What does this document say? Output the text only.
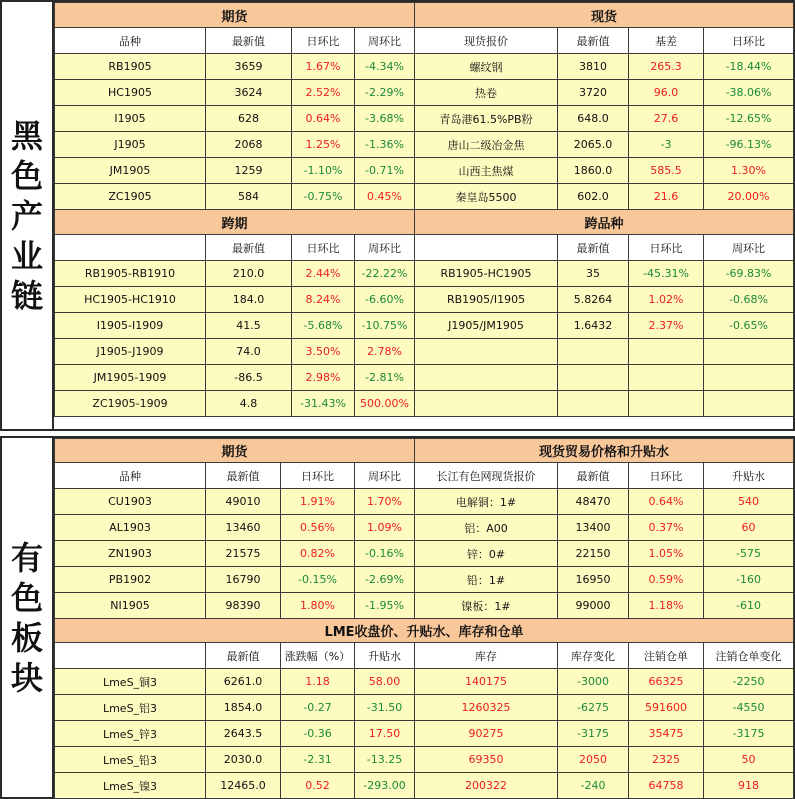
黑
色
产
业
链
期货				现货			
品种	最新值	日环比	周环比	现货报价	最新值	基差	日环比
RB1905	3659	1.67%	-4.34%	螺纹钢	3810	265.3	-18.44%
HC1905	3624	2.52%	-2.29%	热卷	3720	96.0	-38.06%
I1905	628	0.64%	-3.68%	青岛港61.5%PB粉	648.0	27.6	-12.65%
J1905	2068	1.25%	-1.36%	唐山二级冶金焦	2065.0	-3	-96.13%
JM1905	1259	-1.10%	-0.71%	山西主焦煤	1860.0	585.5	1.30%
ZC1905	584	-0.75%	0.45%	秦皇岛5500	602.0	21.6	20.00%
跨期				跨品种			
	最新值	日环比	周环比		最新值	日环比	周环比
RB1905-RB1910	210.0	2.44%	-22.22%	RB1905-HC1905	35	-45.31%	-69.83%
HC1905-HC1910	184.0	8.24%	-6.60%	RB1905/I1905	5.8264	1.02%	-0.68%
I1905-I1909	41.5	-5.68%	-10.75%	J1905/JM1905	1.6432	2.37%	-0.65%
J1905-J1909	74.0	3.50%	2.78%				
JM1905-1909	-86.5	2.98%	-2.81%				
ZC1905-1909	4.8	-31.43%	500.00%				
有
色
板
块
期货				现货贸易价格和升贴水			
品种	最新值	日环比	周环比	长江有色网现货报价	最新值	日环比	升贴水
CU1903	49010	1.91%	1.70%	电解铜：1#	48470	0.64%	540
AL1903	13460	0.56%	1.09%	铝：A00	13400	0.37%	60
ZN1903	21575	0.82%	-0.16%	锌：0#	22150	1.05%	-575
PB1902	16790	-0.15%	-2.69%	铅：1#	16950	0.59%	-160
NI1905	98390	1.80%	-1.95%	镍板：1#	99000	1.18%	-610
LME收盘价、升贴水、库存和仓单							
	最新值	涨跌幅（%）	升贴水	库存	库存变化	注销仓单	注销仓单变化
LmeS_铜3	6261.0	1.18	58.00	140175	-3000	66325	-2250
LmeS_铝3	1854.0	-0.27	-31.50	1260325	-6275	591600	-4550
LmeS_锌3	2643.5	-0.36	17.50	90275	-3175	35475	-3175
LmeS_铅3	2030.0	-2.31	-13.25	69350	2050	2325	50
LmeS_镍3	12465.0	0.52	-293.00	200322	-240	64758	918
